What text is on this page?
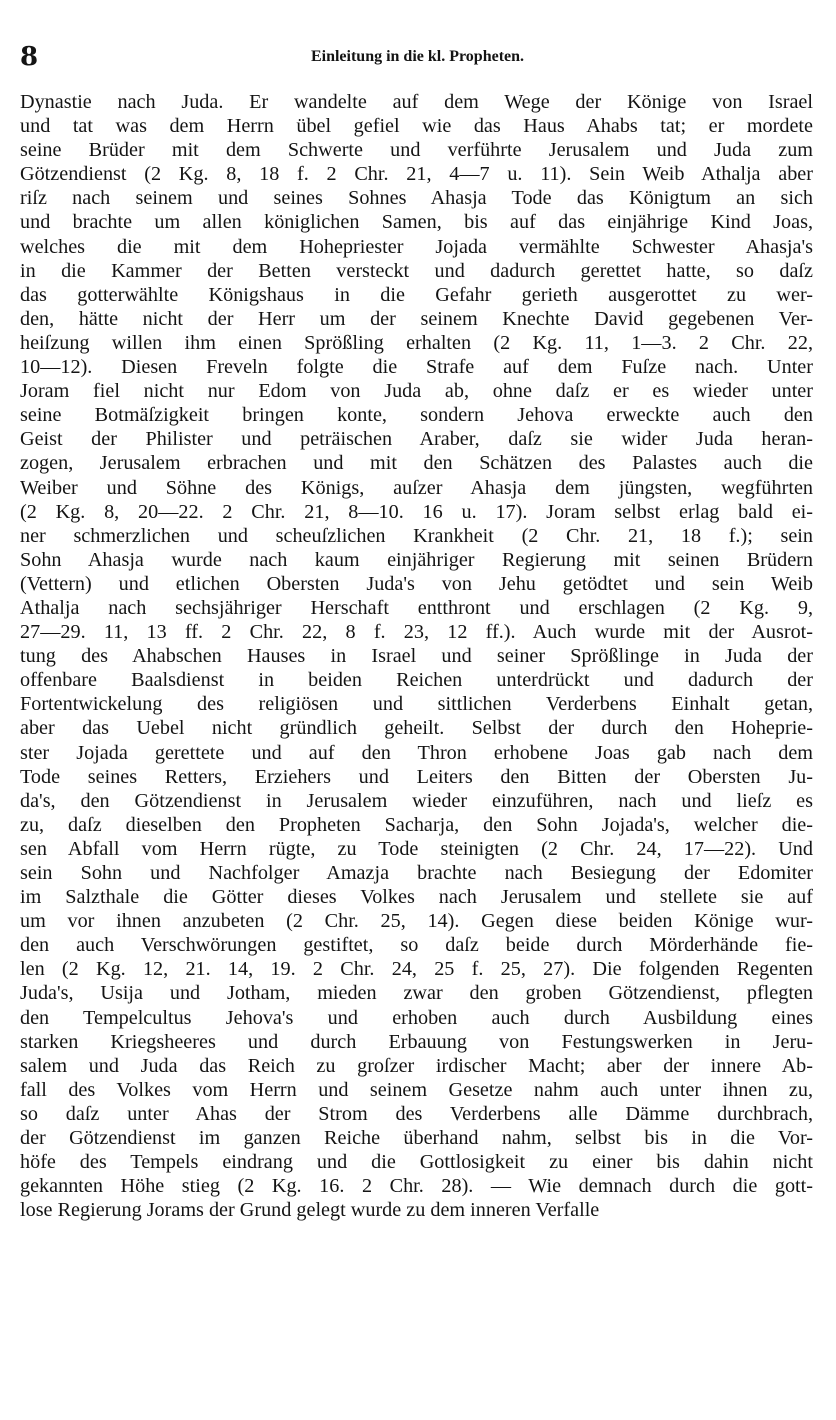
8	Einleitung in die kl. Propheten.
Dynastie nach Juda. Er wandelte auf dem Wege der Könige von Israel
und tat was dem Herrn übel gefiel wie das Haus Ahabs tat; er mordete
seine Brüder mit dem Schwerte und verführte Jerusalem und Juda zum
Götzendienst (2 Kg. 8, 18 f. 2 Chr. 21, 4—7 u. 11). Sein Weib Athalja aber
riſz nach seinem und seines Sohnes Ahasja Tode das Königtum an sich
und brachte um allen königlichen Samen, bis auf das einjährige Kind Joas,
welches die mit dem Hohepriester Jojada vermählte Schwester Ahasja's
in die Kammer der Betten versteckt und dadurch gerettet hatte, so daſz
das gotterwählte Königshaus in die Gefahr gerieth ausgerottet zu wer-
den, hätte nicht der Herr um der seinem Knechte David gegebenen Ver-
heiſzung willen ihm einen Sprößling erhalten (2 Kg. 11, 1—3. 2 Chr. 22,
10—12). Diesen Freveln folgte die Strafe auf dem Fuſze nach. Unter
Joram fiel nicht nur Edom von Juda ab, ohne daſz er es wieder unter
seine Botmäſzigkeit bringen konte, sondern Jehova erweckte auch den
Geist der Philister und peträischen Araber, daſz sie wider Juda heran-
zogen, Jerusalem erbrachen und mit den Schätzen des Palastes auch die
Weiber und Söhne des Königs, auſzer Ahasja dem jüngsten, wegführten
(2 Kg. 8, 20—22. 2 Chr. 21, 8—10. 16 u. 17). Joram selbst erlag bald ei-
ner schmerzlichen und scheuſzlichen Krankheit (2 Chr. 21, 18 f.); sein
Sohn Ahasja wurde nach kaum einjähriger Regierung mit seinen Brüdern
(Vettern) und etlichen Obersten Juda's von Jehu getödtet und sein Weib
Athalja nach sechsjähriger Herschaft entthront und erschlagen (2 Kg. 9,
27—29. 11, 13 ff. 2 Chr. 22, 8 f. 23, 12 ff.). Auch wurde mit der Ausrot-
tung des Ahabschen Hauses in Israel und seiner Sprößlinge in Juda der
offenbare Baalsdienst in beiden Reichen unterdrückt und dadurch der
Fortentwickelung des religiösen und sittlichen Verderbens Einhalt getan,
aber das Uebel nicht gründlich geheilt. Selbst der durch den Hoheprie-
ster Jojada gerettete und auf den Thron erhobene Joas gab nach dem
Tode seines Retters, Erziehers und Leiters den Bitten der Obersten Ju-
da's, den Götzendienst in Jerusalem wieder einzuführen, nach und lieſz es
zu, daſz dieselben den Propheten Sacharja, den Sohn Jojada's, welcher die-
sen Abfall vom Herrn rügte, zu Tode steinigten (2 Chr. 24, 17—22). Und
sein Sohn und Nachfolger Amazja brachte nach Besiegung der Edomiter
im Salzthale die Götter dieses Volkes nach Jerusalem und stellete sie auf
um vor ihnen anzubeten (2 Chr. 25, 14). Gegen diese beiden Könige wur-
den auch Verschwörungen gestiftet, so daſz beide durch Mörderhände fie-
len (2 Kg. 12, 21. 14, 19. 2 Chr. 24, 25 f. 25, 27). Die folgenden Regenten
Juda's, Usija und Jotham, mieden zwar den groben Götzendienst, pflegten
den Tempelcultus Jehova's und erhoben auch durch Ausbildung eines
starken Kriegsheeres und durch Erbauung von Festungswerken in Jeru-
salem und Juda das Reich zu groſzer irdischer Macht; aber der innere Ab-
fall des Volkes vom Herrn und seinem Gesetze nahm auch unter ihnen zu,
so daſz unter Ahas der Strom des Verderbens alle Dämme durchbrach,
der Götzendienst im ganzen Reiche überhand nahm, selbst bis in die Vor-
höfe des Tempels eindrang und die Gottlosigkeit zu einer bis dahin nicht
gekannten Höhe stieg (2 Kg. 16. 2 Chr. 28). — Wie demnach durch die gott-
lose Regierung Jorams der Grund gelegt wurde zu dem inneren Verfalle
